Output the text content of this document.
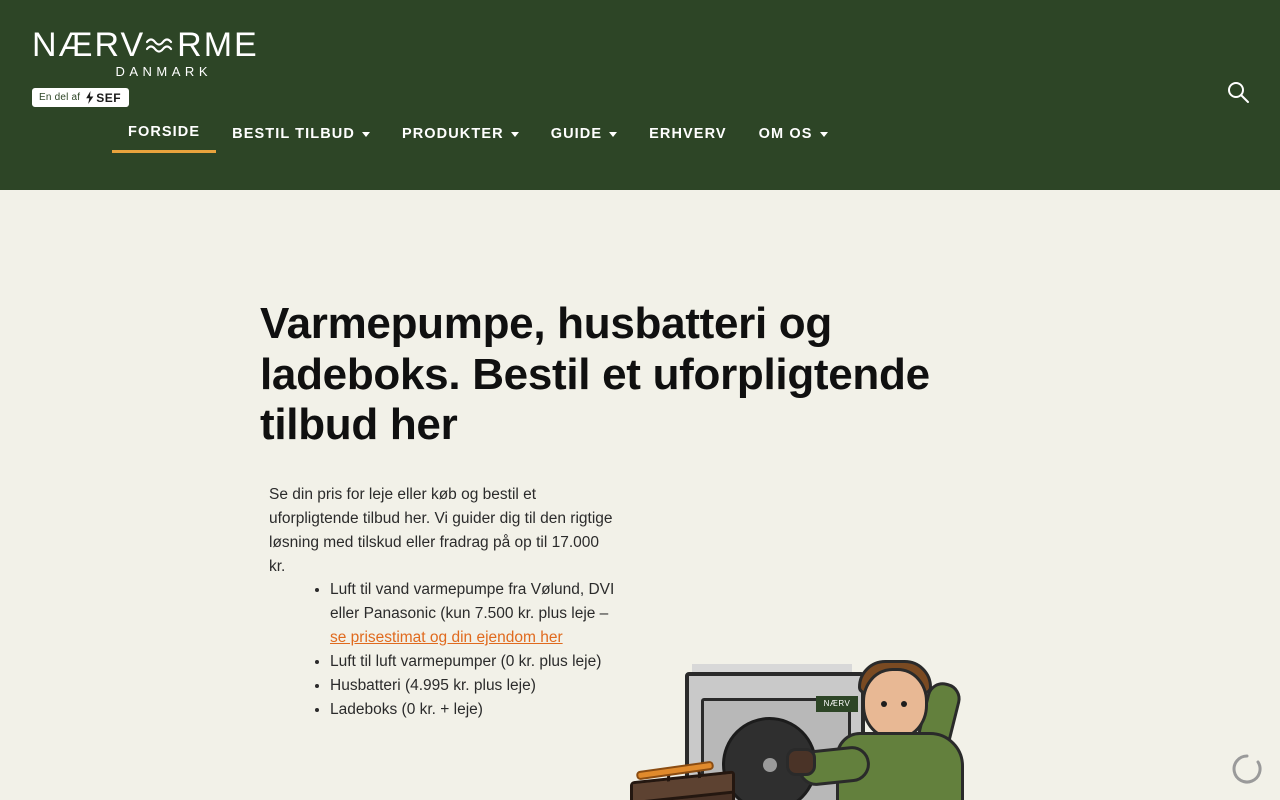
NÆRV RME
DANMARK
En del af SEF
FORSIDE BESTIL TILBUD	PRODUKTER	GUIDE	ERHVERV OM OS
Varmepumpe, husbatteri og ladeboks. Bestil et uforpligtende tilbud her

Se din pris for leje eller køb og bestil et uforpligtende tilbud her. Vi guider dig til den rigtige løsning med tilskud eller fradrag på op til 17.000 kr.

• Luft til vand varmepumpe fra Vølund, DVI eller Panasonic (kun 7.500 kr. plus leje – se prisestimat og din ejendom her
• Luft til luft varmepumper (0 kr. plus leje)
• Husbatteri (4.995 kr. plus leje)
• Ladeboks (0 kr. + leje)	NÆRV
